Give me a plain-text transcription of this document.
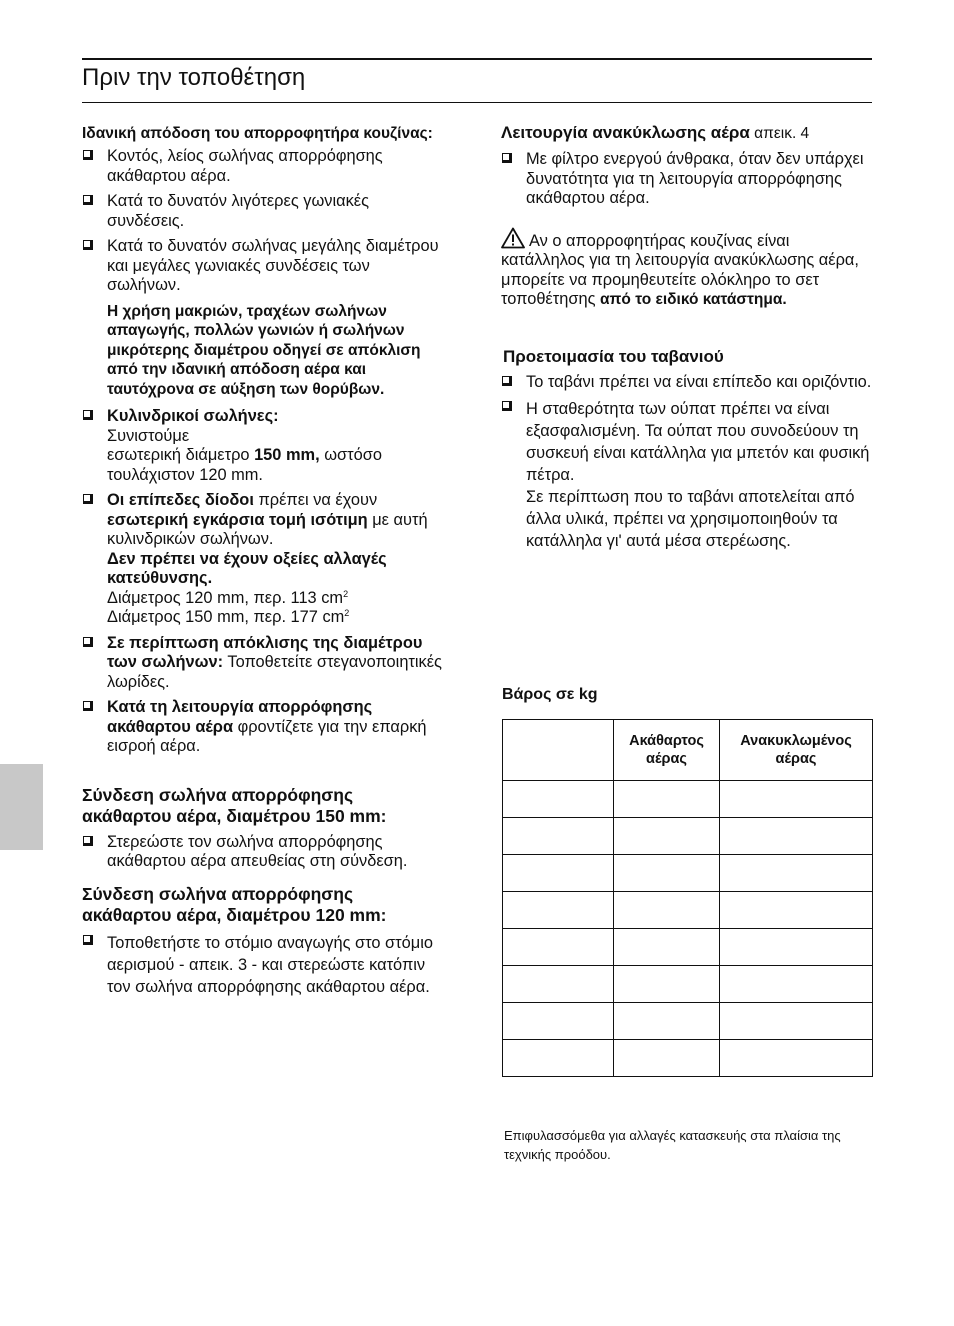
Πριν την τοποθέτηση

Ιδανική απόδοση του απορροφητήρα κουζίνας:

Κοντός, λείος σωλήνας απορρόφησης ακάθαρτου αέρα.
Κατά το δυνατόν λιγότερες γωνιακές συνδέσεις.
Κατά το δυνατόν σωλήνας μεγάλης διαμέτρου και μεγάλες γωνιακές συνδέσεις των σωλήνων.

Η χρήση μακριών, τραχέων σωλήνων απαγωγής, πολλών γωνιών ή σωλήνων μικρότερης διαμέτρου οδηγεί σε απόκλιση από την ιδανική απόδοση αέρα και ταυτόχρονα σε αύξηση των θορύβων.

Κυλινδρικοί σωλήνες:
Συνιστούμε
εσωτερική διάμετρο 150 mm, ωστόσο τουλάχιστον 120 mm.
Οι επίπεδες δίοδοι πρέπει να έχουν εσωτερική εγκάρσια τομή ισότιμη με αυτή κυλινδρικών σωλήνων.
Δεν πρέπει να έχουν οξείες αλλαγές κατεύθυνσης.
Διάμετρος 120 mm, περ. 113 $cm^2$
Διάμετρος 150 mm, περ. 177 $cm^2$
Σε περίπτωση απόκλισης της διαμέτρου των σωλήνων: Τοποθετείτε στεγανοποιητικές λωρίδες.
Κατά τη λειτουργία απορρόφησης ακάθαρτου αέρα φροντίζετε για την επαρκή εισροή αέρα.

Σύνδεση σωλήνα απορρόφησης ακάθαρτου αέρα, διαμέτρου 150 mm:

Στερεώστε τον σωλήνα απορρόφησης ακάθαρτου αέρα απευθείας στη σύνδεση.

Σύνδεση σωλήνα απορρόφησης ακάθαρτου αέρα, διαμέτρου 120 mm:

Τοποθετήστε το στόμιο αναγωγής στο στόμιο αερισμού - απεικ. 3 - και στερεώστε κατόπιν τον σωλήνα απορρόφησης ακάθαρτου αέρα.

Λειτουργία ανακύκλωσης αέρα απεικ. 4

Με φίλτρο ενεργού άνθρακα, όταν δεν υπάρχει δυνατότητα για τη λειτουργία απορρόφησης ακάθαρτου αέρα.

Αν ο απορροφητήρας κουζίνας είναι κατάλληλος για τη λειτουργία ανακύκλωσης αέρα, μπορείτε να προμηθευτείτε ολόκληρο το σετ τοποθέτησης από το ειδικό κατάστημα.

Προετοιμασία του ταβανιού

Το ταβάνι πρέπει να είναι επίπεδο και οριζόντιο.
Η σταθερότητα των ούπατ πρέπει να είναι εξασφαλισμένη. Τα ούπατ που συνοδεύουν τη συσκευή είναι κατάλληλα για μπετόν και φυσική πέτρα.
Σε περίπτωση που το ταβάνι αποτελείται από άλλα υλικά, πρέπει να χρησιμοποιηθούν τα κατάλληλα γι' αυτά μέσα στερέωσης.

Βάρος σε kg

	Ακάθαρτος αέρας	Ανακυκλωμένος αέρας

Επιφυλασσόμεθα για αλλαγές κατασκευής στα πλαίσια της τεχνικής προόδου.
